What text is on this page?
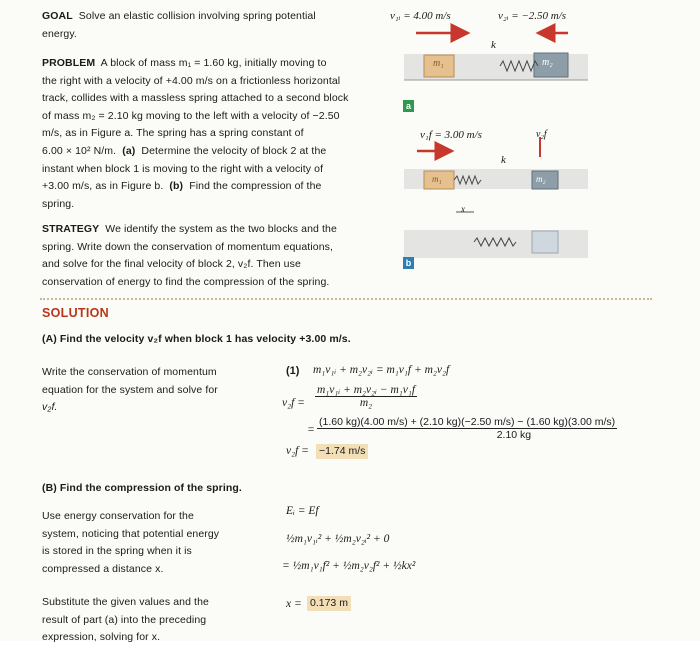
GOAL Solve an elastic collision involving spring potential
energy.
PROBLEM A block of mass m₁ = 1.60 kg, initially moving to
the right with a velocity of +4.00 m/s on a frictionless horizontal
track, collides with a massless spring attached to a second block
of mass m₂ = 2.10 kg moving to the left with a velocity of −2.50
m/s, as in Figure a. The spring has a spring constant of
6.00 × 10² N/m. (a) Determine the velocity of block 2 at the
instant when block 1 is moving to the right with a velocity of
+3.00 m/s, as in Figure b. (b) Find the compression of the
spring.
STRATEGY We identify the system as the two blocks and the
spring. Write down the conservation of momentum equations,
and solve for the final velocity of block 2, v₂f. Then use
conservation of energy to find the compression of the spring.
v₁ᵢ = 4.00 m/s	v₂ᵢ = −2.50 m/s
k
m₁	m₂
a
v₁f = 3.00 m/s	v₂f
k
m₁	m₂
x
b
SOLUTION
(A) Find the velocity v₂f when block 1 has velocity +3.00 m/s.
Write the conservation of momentum
equation for the system and solve for
v₂f.
(1) m₁v₁ᵢ + m₂v₂ᵢ = m₁v₁f + m₂v₂f
$v_2f = \frac{\text{m₁v₁ᵢ + m₂v₂ᵢ − m₁v₁f}}{\text{m₂}}$
=
(1.60 kg)(4.00 m/s) + (2.10 kg)(−2.50 m/s) − (1.60 kg)(3.00 m/s)
2.10 kg
v₂f = −1.74 m/s
(B) Find the compression of the spring.
Use energy conservation for the
system, noticing that potential energy
is stored in the spring when it is
compressed a distance x.
Eᵢ = Ef
½m₁v₁ᵢ² + ½m₂v₂ᵢ² + 0
= ½m₁v₁f² + ½m₂v₂f² + ½kx²
Substitute the given values and the
result of part (a) into the preceding
expression, solving for x.
x = 0.173 m
